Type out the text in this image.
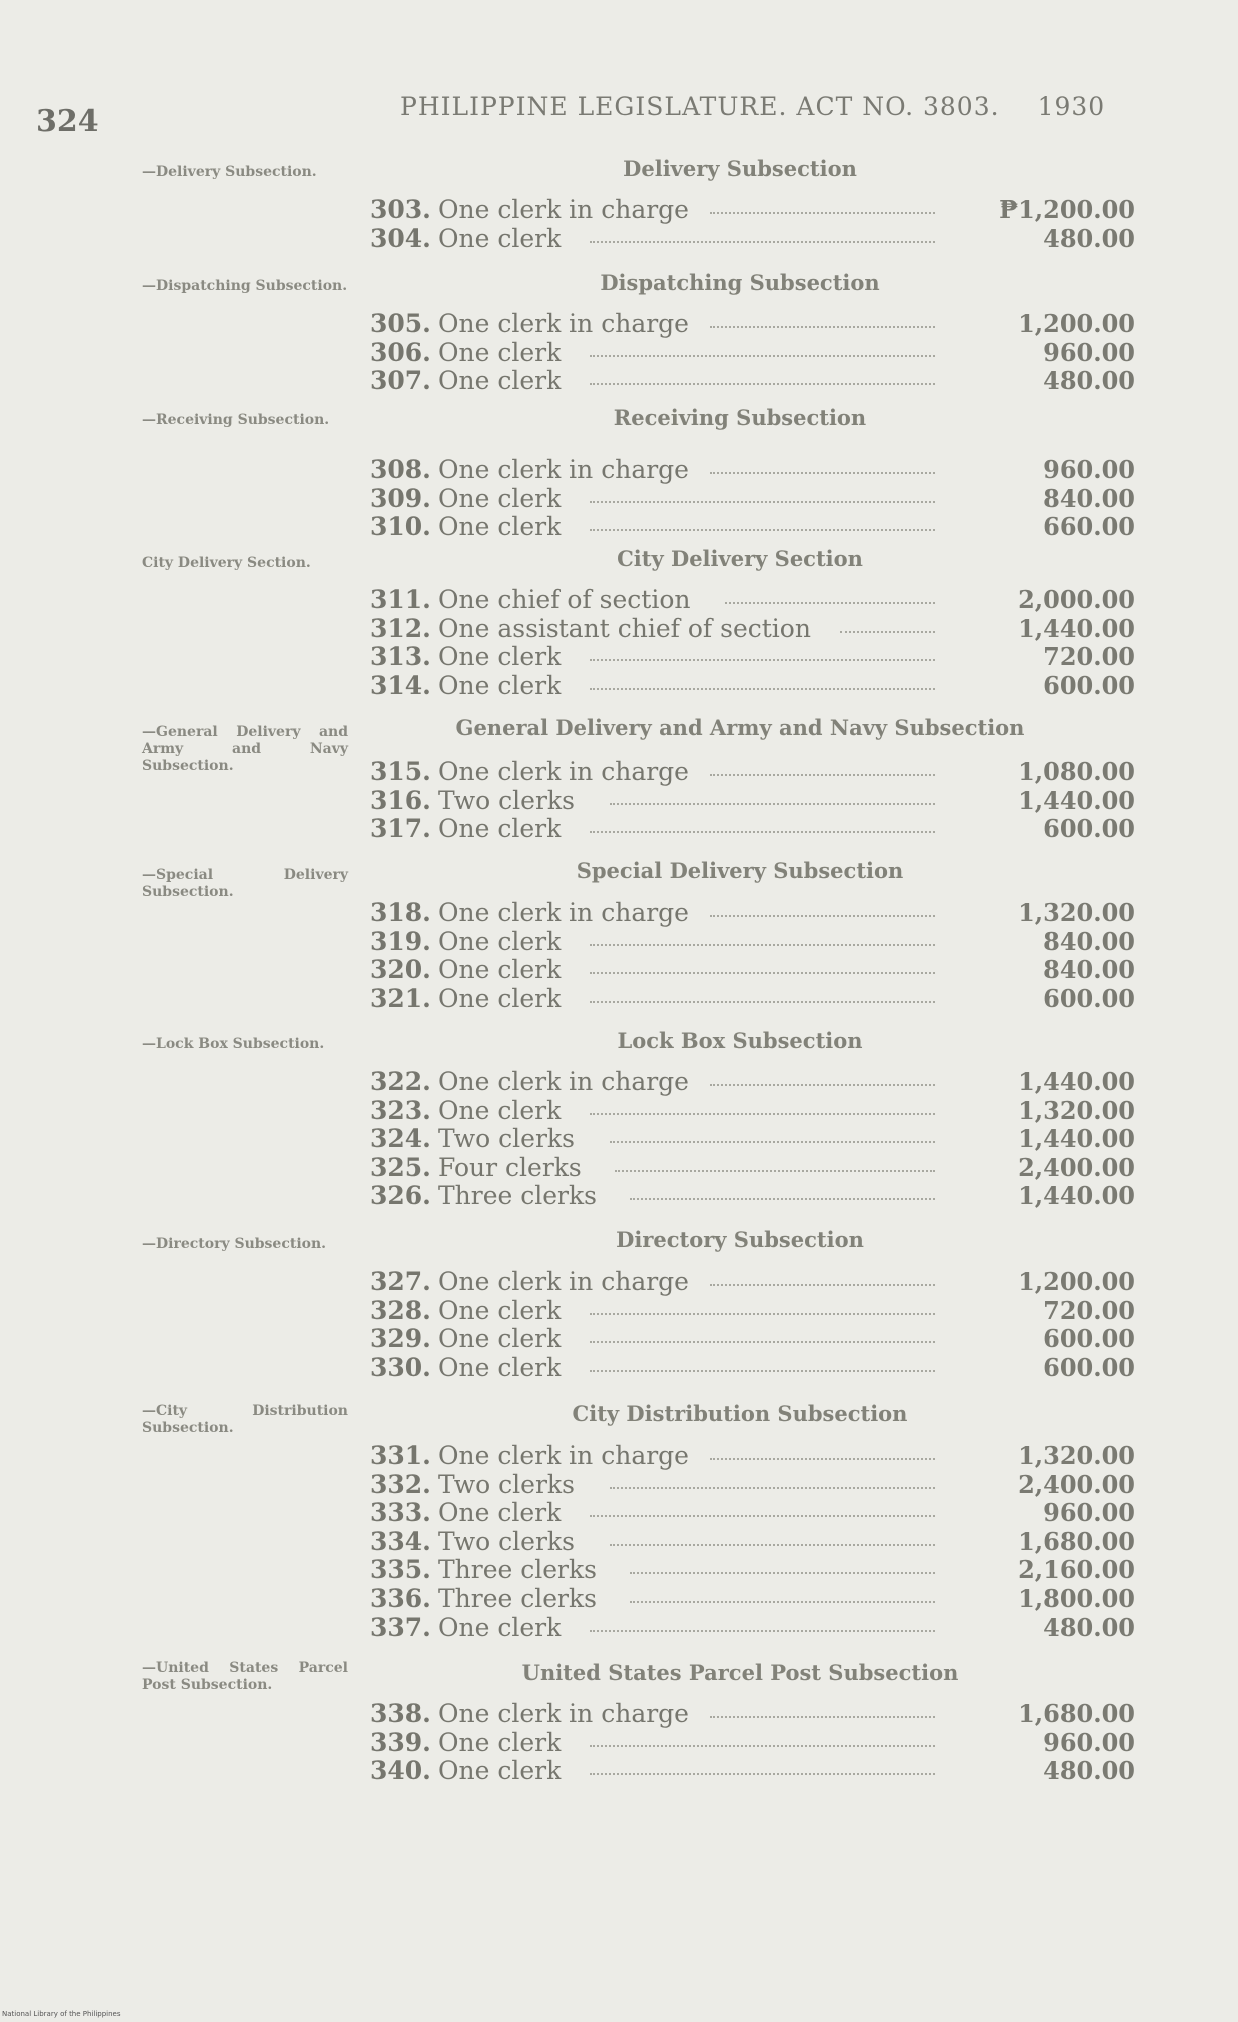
324	PHILIPPINE LEGISLATURE. ACT NO. 3803. 1930
—Delivery Subsection.
—Dispatching Subsection.
—Receiving Subsection.
City Delivery Section.
—General Delivery and Army and Navy Subsection.
—Special Delivery Subsection.
—Lock Box Subsection.
—Directory Subsection.
—City Distribution Subsection.
—United States Parcel Post Subsection.
Delivery Subsection
303. One clerk in charge	₱1,200.00
304. One clerk	480.00
Dispatching Subsection
305. One clerk in charge	1,200.00
306. One clerk	960.00
307. One clerk	480.00
Receiving Subsection
308. One clerk in charge	960.00
309. One clerk	840.00
310. One clerk	660.00
City Delivery Section
311. One chief of section	2,000.00
312. One assistant chief of section	1,440.00
313. One clerk	720.00
314. One clerk	600.00
General Delivery and Army and Navy Subsection
315. One clerk in charge	1,080.00
316. Two clerks	1,440.00
317. One clerk	600.00
Special Delivery Subsection
318. One clerk in charge	1,320.00
319. One clerk	840.00
320. One clerk	840.00
321. One clerk	600.00
Lock Box Subsection
322. One clerk in charge	1,440.00
323. One clerk	1,320.00
324. Two clerks	1,440.00
325. Four clerks	2,400.00
326. Three clerks	1,440.00
Directory Subsection
327. One clerk in charge	1,200.00
328. One clerk	720.00
329. One clerk	600.00
330. One clerk	600.00
City Distribution Subsection
331. One clerk in charge	1,320.00
332. Two clerks	2,400.00
333. One clerk	960.00
334. Two clerks	1,680.00
335. Three clerks	2,160.00
336. Three clerks	1,800.00
337. One clerk	480.00
United States Parcel Post Subsection
338. One clerk in charge	1,680.00
339. One clerk	960.00
340. One clerk	480.00
National Library of the Philippines
